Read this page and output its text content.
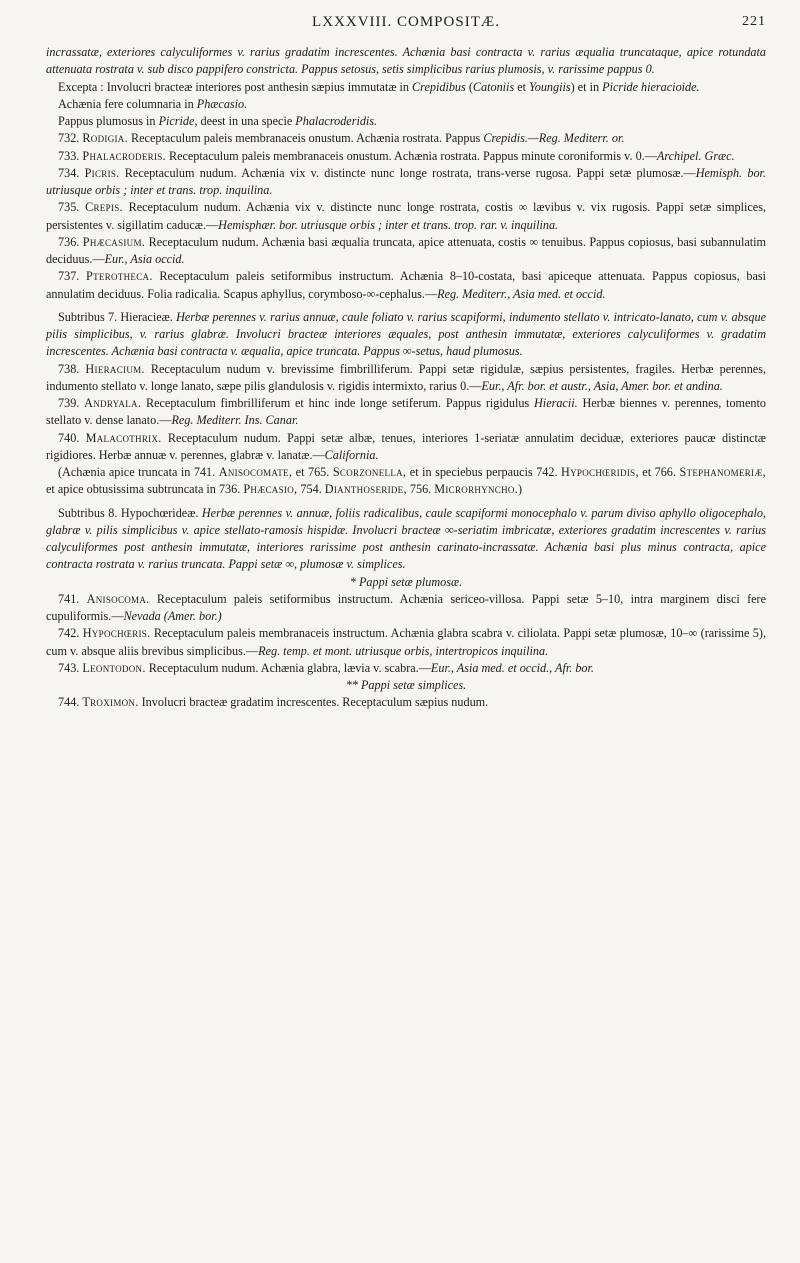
LXXXVIII. COMPOSITÆ.	221

incrassatæ, exteriores calyculiformes v. rarius gradatim increscentes. Achænia basi contracta v. rarius æqualia truncataque, apice rotundata attenuata rostrata v. sub disco pappifero constricta. Pappus setosus, setis simplicibus rarius plumosis, v. rarissime pappus 0.

Excepta : Involucri bracteæ interiores post anthesin sæpius immutatæ in Crepidibus (Catoniis et Youngiis) et in Picride hieracioide.

Achænia fere columnaria in Phæcasio.

Pappus plumosus in Picride, deest in una specie Phalacroderidis.

732. Rodigia. Receptaculum paleis membranaceis onustum. Achænia rostrata. Pappus Crepidis.—Reg. Mediterr. or.

733. Phalacroderis. Receptaculum paleis membranaceis onustum. Achænia rostrata. Pappus minute coroniformis v. 0.—Archipel. Græc.

734. Picris. Receptaculum nudum. Achænia vix v. distincte nunc longe rostrata, trans-verse rugosa. Pappi setæ plumosæ.—Hemisph. bor. utriusque orbis ; inter et trans. trop. inquilina.

735. Crepis. Receptaculum nudum. Achænia vix v. distincte nunc longe rostrata, costis ∞ lævibus v. vix rugosis. Pappi setæ simplices, persistentes v. sigillatim caducæ.—Hemisphær. bor. utriusque orbis ; inter et trans. trop. rar. v. inquilina.

736. Phæcasium. Receptaculum nudum. Achænia basi æqualia truncata, apice attenuata, costis ∞ tenuibus. Pappus copiosus, basi subannulatim deciduus.—Eur., Asia occid.

737. Pterotheca. Receptaculum paleis setiformibus instructum. Achænia 8–10-costata, basi apiceque attenuata. Pappus copiosus, basi annulatim deciduus. Folia radicalia. Scapus aphyllus, corymboso-∞-cephalus.—Reg. Mediterr., Asia med. et occid.

Subtribus 7. Hieracieæ. Herbæ perennes v. rarius annuæ, caule foliato v. rarius scapiformi, indumento stellato v. intricato-lanato, cum v. absque pilis simplicibus, v. rarius glabræ. Involucri bracteæ interiores æquales, post anthesin immutatæ, exteriores calyculiformes v. gradatim increscentes. Achænia basi contracta v. æqualia, apice truncata. Pappus ∞-setus, haud plumosus.

738. Hieracium. Receptaculum nudum v. brevissime fimbrilliferum. Pappi setæ rigidulæ, sæpius persistentes, fragiles. Herbæ perennes, indumento stellato v. longe lanato, sæpe pilis glandulosis v. rigidis intermixto, rarius 0.—Eur., Afr. bor. et austr., Asia, Amer. bor. et andina.

739. Andryala. Receptaculum fimbrilliferum et hinc inde longe setiferum. Pappus rigidulus Hieracii. Herbæ biennes v. perennes, tomento stellato v. dense lanato.—Reg. Mediterr. Ins. Canar.

740. Malacothrix. Receptaculum nudum. Pappi setæ albæ, tenues, interiores 1-seriatæ annulatim deciduæ, exteriores paucæ distinctæ rigidiores. Herbæ annuæ v. perennes, glabræ v. lanatæ.—California.

(Achænia apice truncata in 741. Anisocomate, et 765. Scorzonella, et in speciebus perpaucis 742. Hypochœridis, et 766. Stephanomeriæ, et apice obtusissima subtruncata in 736. Phæcasio, 754. Dianthoseride, 756. Microrhyncho.)

Subtribus 8. Hypochœrideæ. Herbæ perennes v. annuæ, foliis radicalibus, caule scapiformi monocephalo v. parum diviso aphyllo oligocephalo, glabræ v. pilis simplicibus v. apice stellato-ramosis hispidæ. Involucri bracteæ ∞-seriatim imbricatæ, exteriores gradatim increscentes v. rarius calyculiformes post anthesin immutatæ, interiores rarissime post anthesin carinato-incrassatæ. Achænia basi plus minus contracta, apice contracta rostrata v. rarius truncata. Pappi setæ ∞, plumosæ v. simplices.

* Pappi setæ plumosæ.

741. Anisocoma. Receptaculum paleis setiformibus instructum. Achænia sericeo-villosa. Pappi setæ 5–10, intra marginem disci fere cupuliformis.—Nevada (Amer. bor.)

742. Hypochœris. Receptaculum paleis membranaceis instructum. Achænia glabra scabra v. ciliolata. Pappi setæ plumosæ, 10–∞ (rarissime 5), cum v. absque aliis brevibus simplicibus.—Reg. temp. et mont. utriusque orbis, intertropicos inquilina.

743. Leontodon. Receptaculum nudum. Achænia glabra, lævia v. scabra.—Eur., Asia med. et occid., Afr. bor.

** Pappi setæ simplices.

744. Troximon. Involucri bracteæ gradatim increscentes. Receptaculum sæpius nudum.
